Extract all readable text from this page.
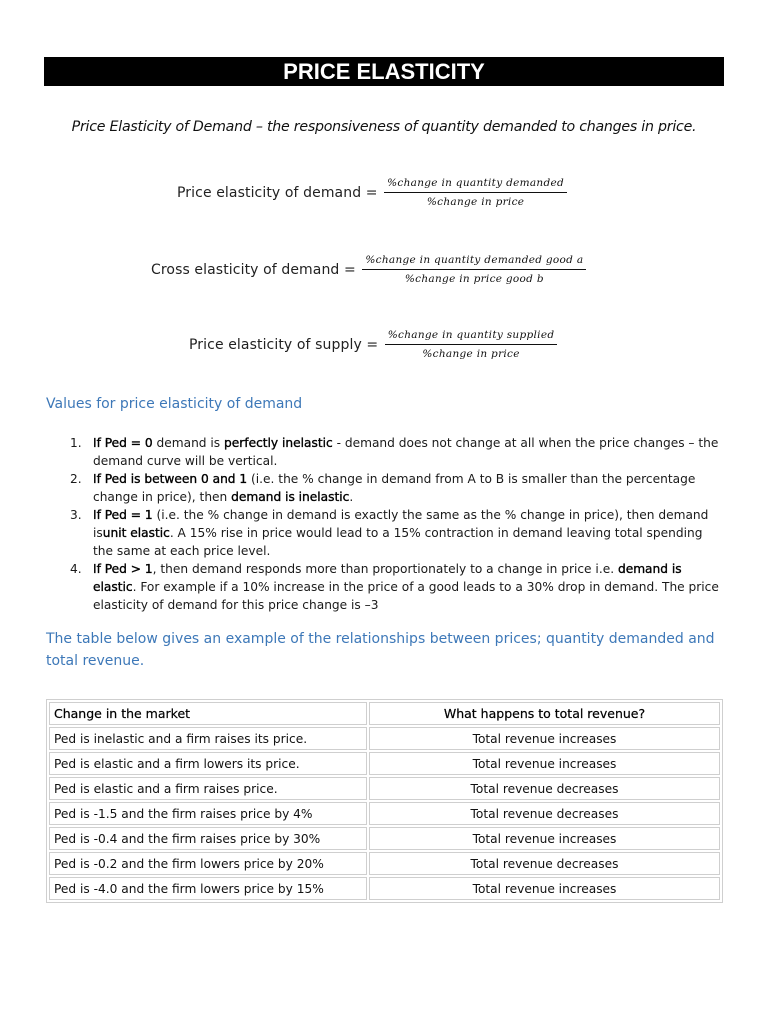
PRICE ELASTICITY
Price Elasticity of Demand – the responsiveness of quantity demanded to changes in price.
Price elasticity of demand = $\frac{\text{\%change in quantity demanded}}{\text{\%change in price}}$
Cross elasticity of demand = $\frac{\text{\%change in quantity demanded good a}}{\text{\%change in price good b}}$
Price elasticity of supply = $\frac{\text{\%change in quantity supplied}}{\text{\%change in price}}$
Values for price elasticity of demand
1. If Ped = 0 demand is perfectly inelastic - demand does not change at all when the price changes – the demand curve will be vertical.
2. If Ped is between 0 and 1 (i.e. the % change in demand from A to B is smaller than the percentage change in price), then demand is inelastic.
3. If Ped = 1 (i.e. the % change in demand is exactly the same as the % change in price), then demand isunit elastic. A 15% rise in price would lead to a 15% contraction in demand leaving total spending the same at each price level.
4. If Ped > 1, then demand responds more than proportionately to a change in price i.e. demand is elastic. For example if a 10% increase in the price of a good leads to a 30% drop in demand. The price elasticity of demand for this price change is –3
The table below gives an example of the relationships between prices; quantity demanded and total revenue.
Change in the market	What happens to total revenue?
Ped is inelastic and a firm raises its price.	Total revenue increases
Ped is elastic and a firm lowers its price.	Total revenue increases
Ped is elastic and a firm raises price.	Total revenue decreases
Ped is -1.5 and the firm raises price by 4%	Total revenue decreases
Ped is -0.4 and the firm raises price by 30%	Total revenue increases
Ped is -0.2 and the firm lowers price by 20%	Total revenue decreases
Ped is -4.0 and the firm lowers price by 15%	Total revenue increases
